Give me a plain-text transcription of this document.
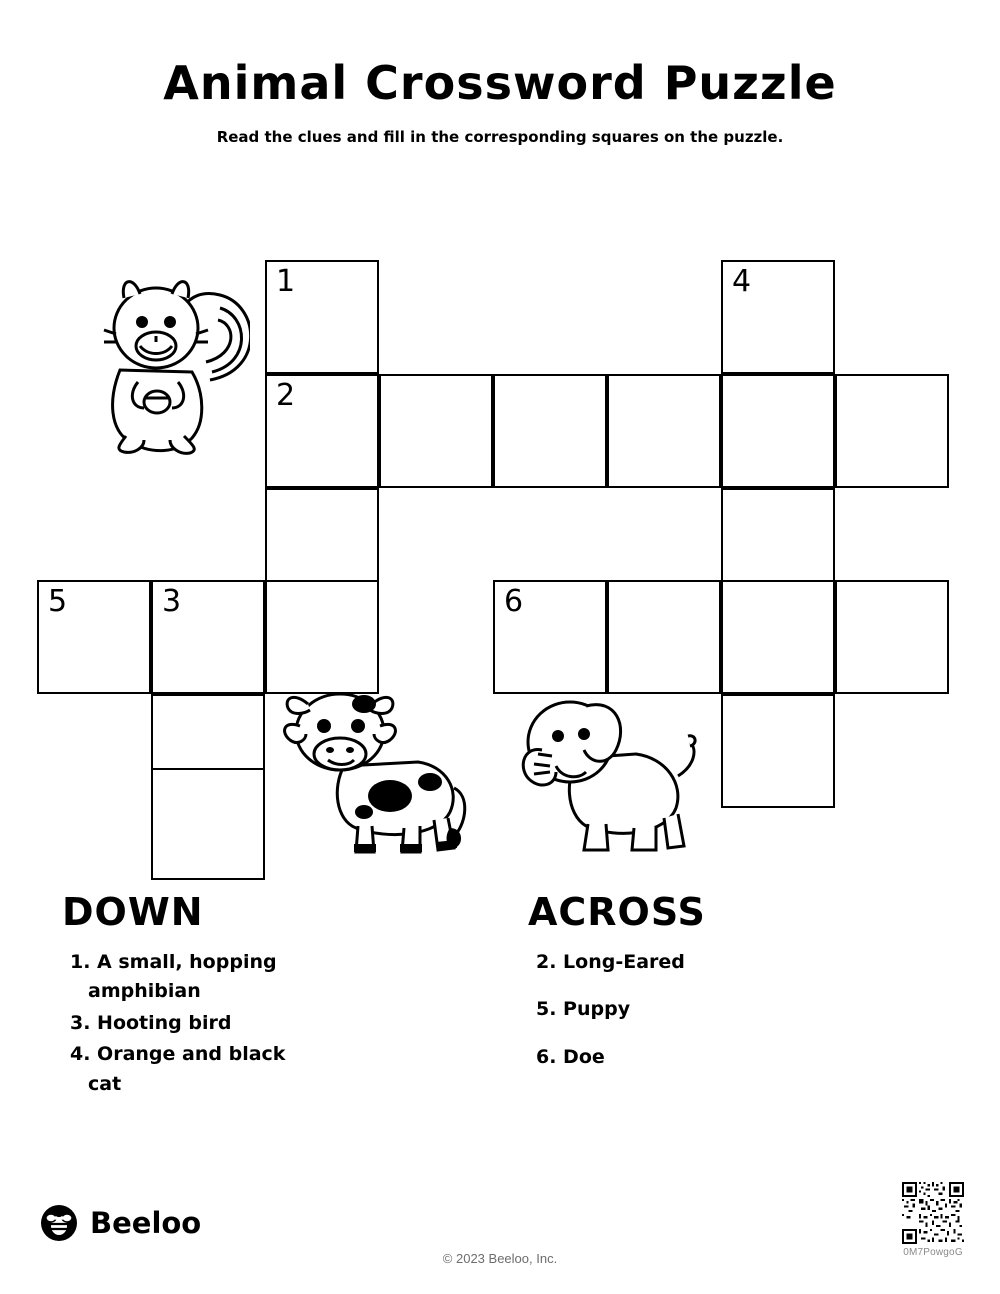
Animal Crossword Puzzle

Read the clues and fill in the corresponding squares on the puzzle.

1	4
2
5	3	6
DOWN
1. A small, hopping amphibian
3. Hooting bird
4. Orange and black cat
ACROSS
2. Long-Eared
5. Puppy
6. Doe
Beeloo
© 2023 Beeloo, Inc.	0M7PowgoG
